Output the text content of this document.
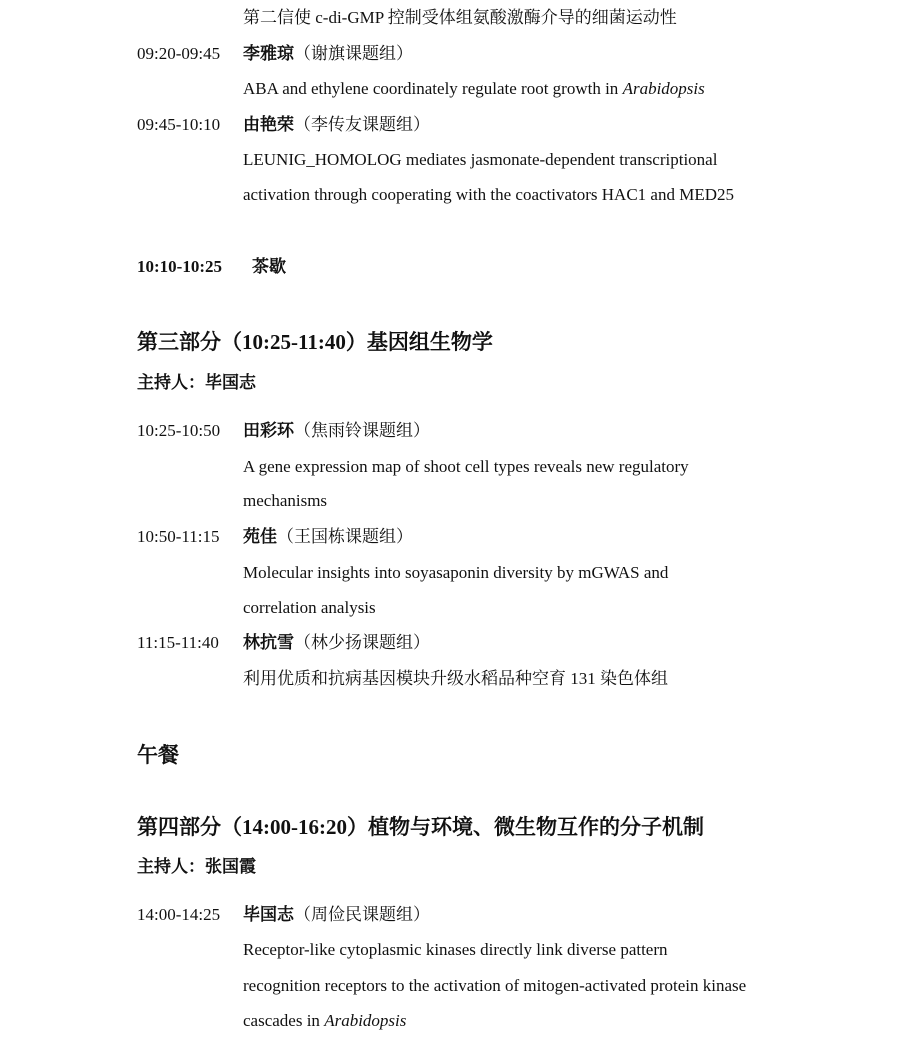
第二信使 c-di-GMP 控制受体组氨酸激酶介导的细菌运动性
09:20-09:45 李雅琼（谢旗课题组）
ABA and ethylene coordinately regulate root growth in Arabidopsis
09:45-10:10 由艳荣（李传友课题组）
LEUNIG_HOMOLOG mediates jasmonate-dependent transcriptional
activation through cooperating with the coactivators HAC1 and MED25
10:10-10:25 茶歇
第三部分（10:25-11:40）基因组生物学
主持人：毕国志
10:25-10:50 田彩环（焦雨铃课题组）
A gene expression map of shoot cell types reveals new regulatory
mechanisms
10:50-11:15 苑佳（王国栋课题组）
Molecular insights into soyasaponin diversity by mGWAS and
correlation analysis
11:15-11:40 林抗雪（林少扬课题组）
利用优质和抗病基因模块升级水稻品种空育 131 染色体组
午餐
第四部分（14:00-16:20）植物与环境、微生物互作的分子机制
主持人：张国霞
14:00-14:25 毕国志（周俭民课题组）
Receptor-like cytoplasmic kinases directly link diverse pattern
recognition receptors to the activation of mitogen-activated protein kinase
cascades in Arabidopsis
